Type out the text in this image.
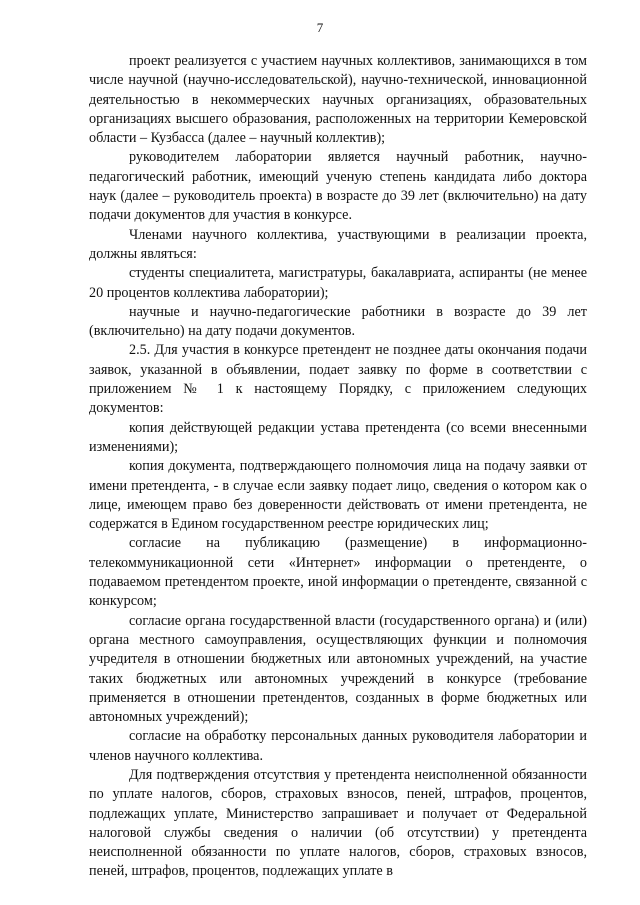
7

проект реализуется с участием научных коллективов, занимающихся в том числе научной (научно-исследовательской), научно-технической, инновационной деятельностью в некоммерческих научных организациях, образовательных организациях высшего образования, расположенных на территории Кемеровской области – Кузбасса (далее – научный коллектив);

руководителем лаборатории является научный работник, научно-педагогический работник, имеющий ученую степень кандидата либо доктора наук (далее – руководитель проекта) в возрасте до 39 лет (включительно) на дату подачи документов для участия в конкурсе.

Членами научного коллектива, участвующими в реализации проекта, должны являться:

студенты специалитета, магистратуры, бакалавриата, аспиранты (не менее 20 процентов коллектива лаборатории);

научные и научно-педагогические работники в возрасте до 39 лет (включительно) на дату подачи документов.

2.5. Для участия в конкурсе претендент не позднее даты окончания подачи заявок, указанной в объявлении, подает заявку по форме в соответствии с приложением № 1 к настоящему Порядку, с приложением следующих документов:

копия действующей редакции устава претендента (со всеми внесенными изменениями);

копия документа, подтверждающего полномочия лица на подачу заявки от имени претендента, - в случае если заявку подает лицо, сведения о котором как о лице, имеющем право без доверенности действовать от имени претендента, не содержатся в Едином государственном реестре юридических лиц;

согласие на публикацию (размещение) в информационно-телекоммуникационной сети «Интернет» информации о претенденте, о подаваемом претендентом проекте, иной информации о претенденте, связанной с конкурсом;

согласие органа государственной власти (государственного органа) и (или) органа местного самоуправления, осуществляющих функции и полномочия учредителя в отношении бюджетных или автономных учреждений, на участие таких бюджетных или автономных учреждений в конкурсе (требование применяется в отношении претендентов, созданных в форме бюджетных или автономных учреждений);

согласие на обработку персональных данных руководителя лаборатории и членов научного коллектива.

Для подтверждения отсутствия у претендента неисполненной обязанности по уплате налогов, сборов, страховых взносов, пеней, штрафов, процентов, подлежащих уплате, Министерство запрашивает и получает от Федеральной налоговой службы сведения о наличии (об отсутствии) у претендента неисполненной обязанности по уплате налогов, сборов, страховых взносов, пеней, штрафов, процентов, подлежащих уплате в
